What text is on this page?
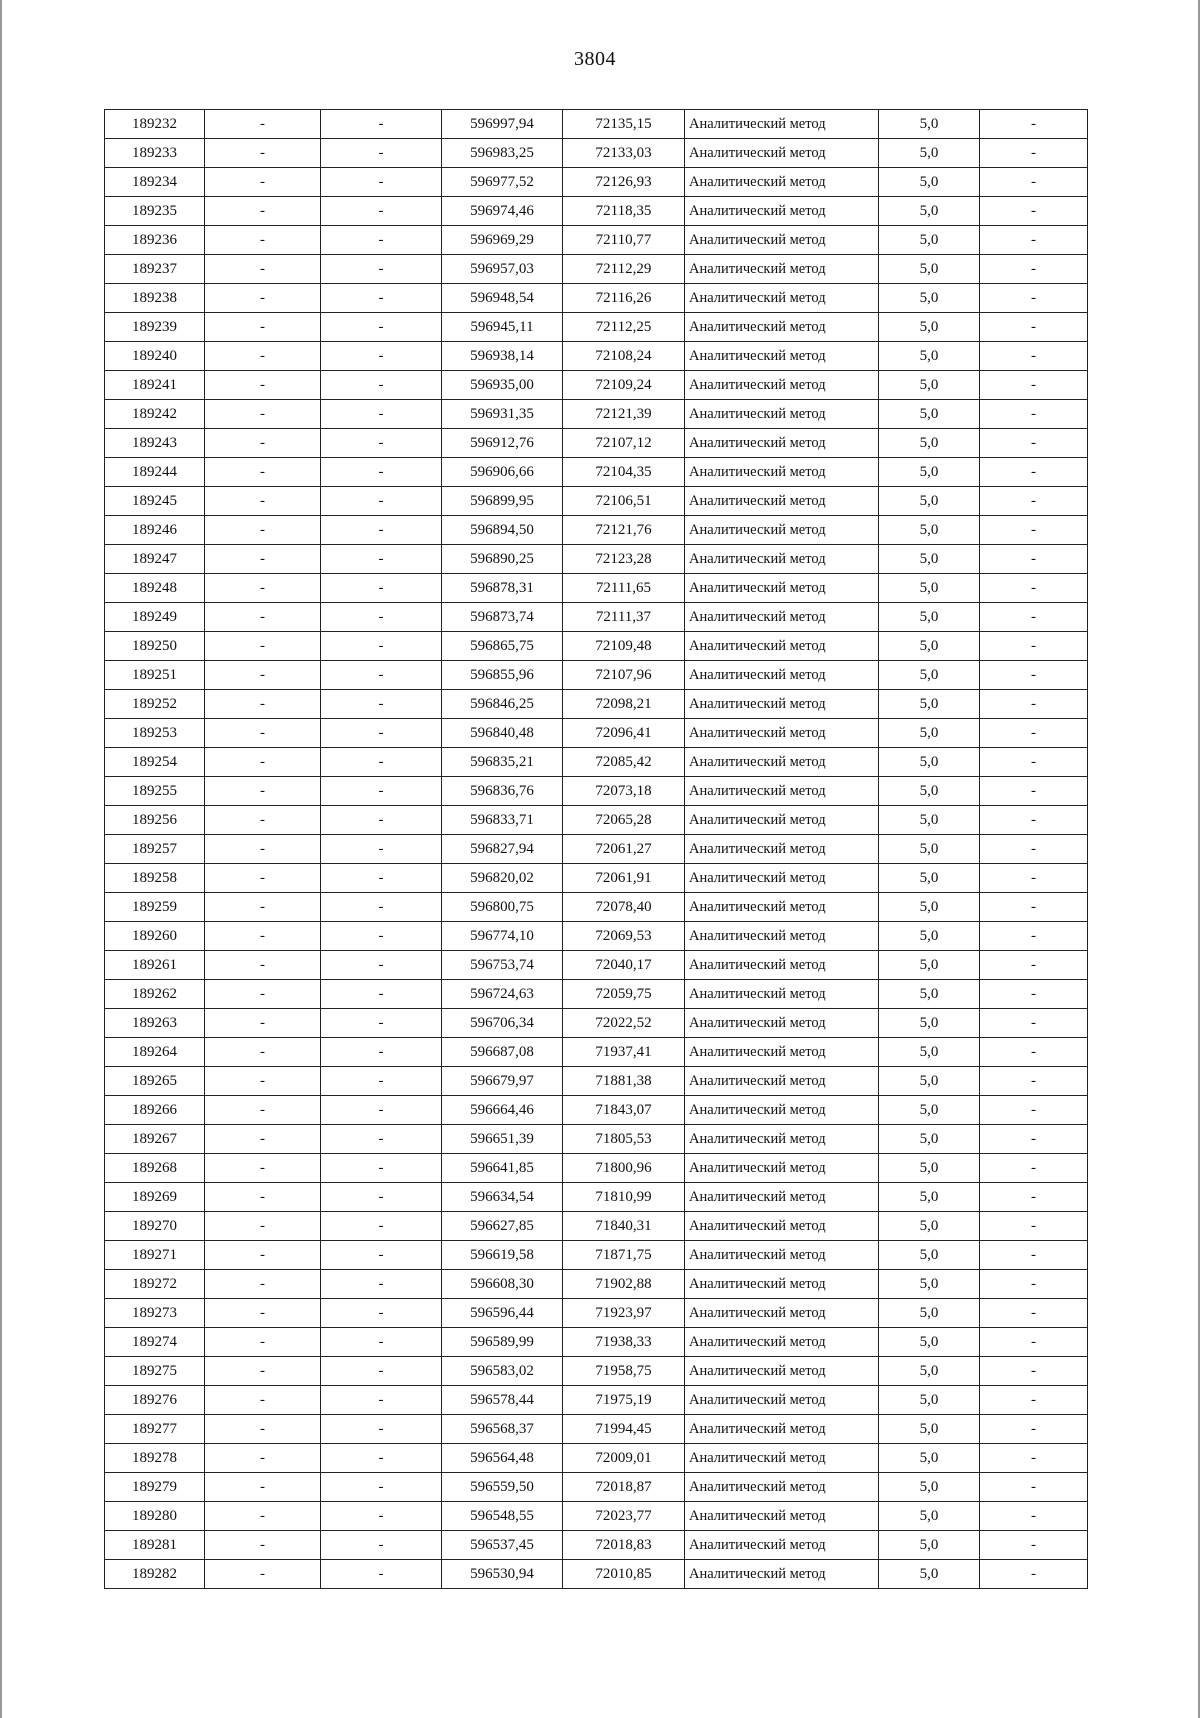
3804
189232	-	-	596997,94	72135,15	Аналитический метод	5,0	-
189233	-	-	596983,25	72133,03	Аналитический метод	5,0	-
189234	-	-	596977,52	72126,93	Аналитический метод	5,0	-
189235	-	-	596974,46	72118,35	Аналитический метод	5,0	-
189236	-	-	596969,29	72110,77	Аналитический метод	5,0	-
189237	-	-	596957,03	72112,29	Аналитический метод	5,0	-
189238	-	-	596948,54	72116,26	Аналитический метод	5,0	-
189239	-	-	596945,11	72112,25	Аналитический метод	5,0	-
189240	-	-	596938,14	72108,24	Аналитический метод	5,0	-
189241	-	-	596935,00	72109,24	Аналитический метод	5,0	-
189242	-	-	596931,35	72121,39	Аналитический метод	5,0	-
189243	-	-	596912,76	72107,12	Аналитический метод	5,0	-
189244	-	-	596906,66	72104,35	Аналитический метод	5,0	-
189245	-	-	596899,95	72106,51	Аналитический метод	5,0	-
189246	-	-	596894,50	72121,76	Аналитический метод	5,0	-
189247	-	-	596890,25	72123,28	Аналитический метод	5,0	-
189248	-	-	596878,31	72111,65	Аналитический метод	5,0	-
189249	-	-	596873,74	72111,37	Аналитический метод	5,0	-
189250	-	-	596865,75	72109,48	Аналитический метод	5,0	-
189251	-	-	596855,96	72107,96	Аналитический метод	5,0	-
189252	-	-	596846,25	72098,21	Аналитический метод	5,0	-
189253	-	-	596840,48	72096,41	Аналитический метод	5,0	-
189254	-	-	596835,21	72085,42	Аналитический метод	5,0	-
189255	-	-	596836,76	72073,18	Аналитический метод	5,0	-
189256	-	-	596833,71	72065,28	Аналитический метод	5,0	-
189257	-	-	596827,94	72061,27	Аналитический метод	5,0	-
189258	-	-	596820,02	72061,91	Аналитический метод	5,0	-
189259	-	-	596800,75	72078,40	Аналитический метод	5,0	-
189260	-	-	596774,10	72069,53	Аналитический метод	5,0	-
189261	-	-	596753,74	72040,17	Аналитический метод	5,0	-
189262	-	-	596724,63	72059,75	Аналитический метод	5,0	-
189263	-	-	596706,34	72022,52	Аналитический метод	5,0	-
189264	-	-	596687,08	71937,41	Аналитический метод	5,0	-
189265	-	-	596679,97	71881,38	Аналитический метод	5,0	-
189266	-	-	596664,46	71843,07	Аналитический метод	5,0	-
189267	-	-	596651,39	71805,53	Аналитический метод	5,0	-
189268	-	-	596641,85	71800,96	Аналитический метод	5,0	-
189269	-	-	596634,54	71810,99	Аналитический метод	5,0	-
189270	-	-	596627,85	71840,31	Аналитический метод	5,0	-
189271	-	-	596619,58	71871,75	Аналитический метод	5,0	-
189272	-	-	596608,30	71902,88	Аналитический метод	5,0	-
189273	-	-	596596,44	71923,97	Аналитический метод	5,0	-
189274	-	-	596589,99	71938,33	Аналитический метод	5,0	-
189275	-	-	596583,02	71958,75	Аналитический метод	5,0	-
189276	-	-	596578,44	71975,19	Аналитический метод	5,0	-
189277	-	-	596568,37	71994,45	Аналитический метод	5,0	-
189278	-	-	596564,48	72009,01	Аналитический метод	5,0	-
189279	-	-	596559,50	72018,87	Аналитический метод	5,0	-
189280	-	-	596548,55	72023,77	Аналитический метод	5,0	-
189281	-	-	596537,45	72018,83	Аналитический метод	5,0	-
189282	-	-	596530,94	72010,85	Аналитический метод	5,0	-
